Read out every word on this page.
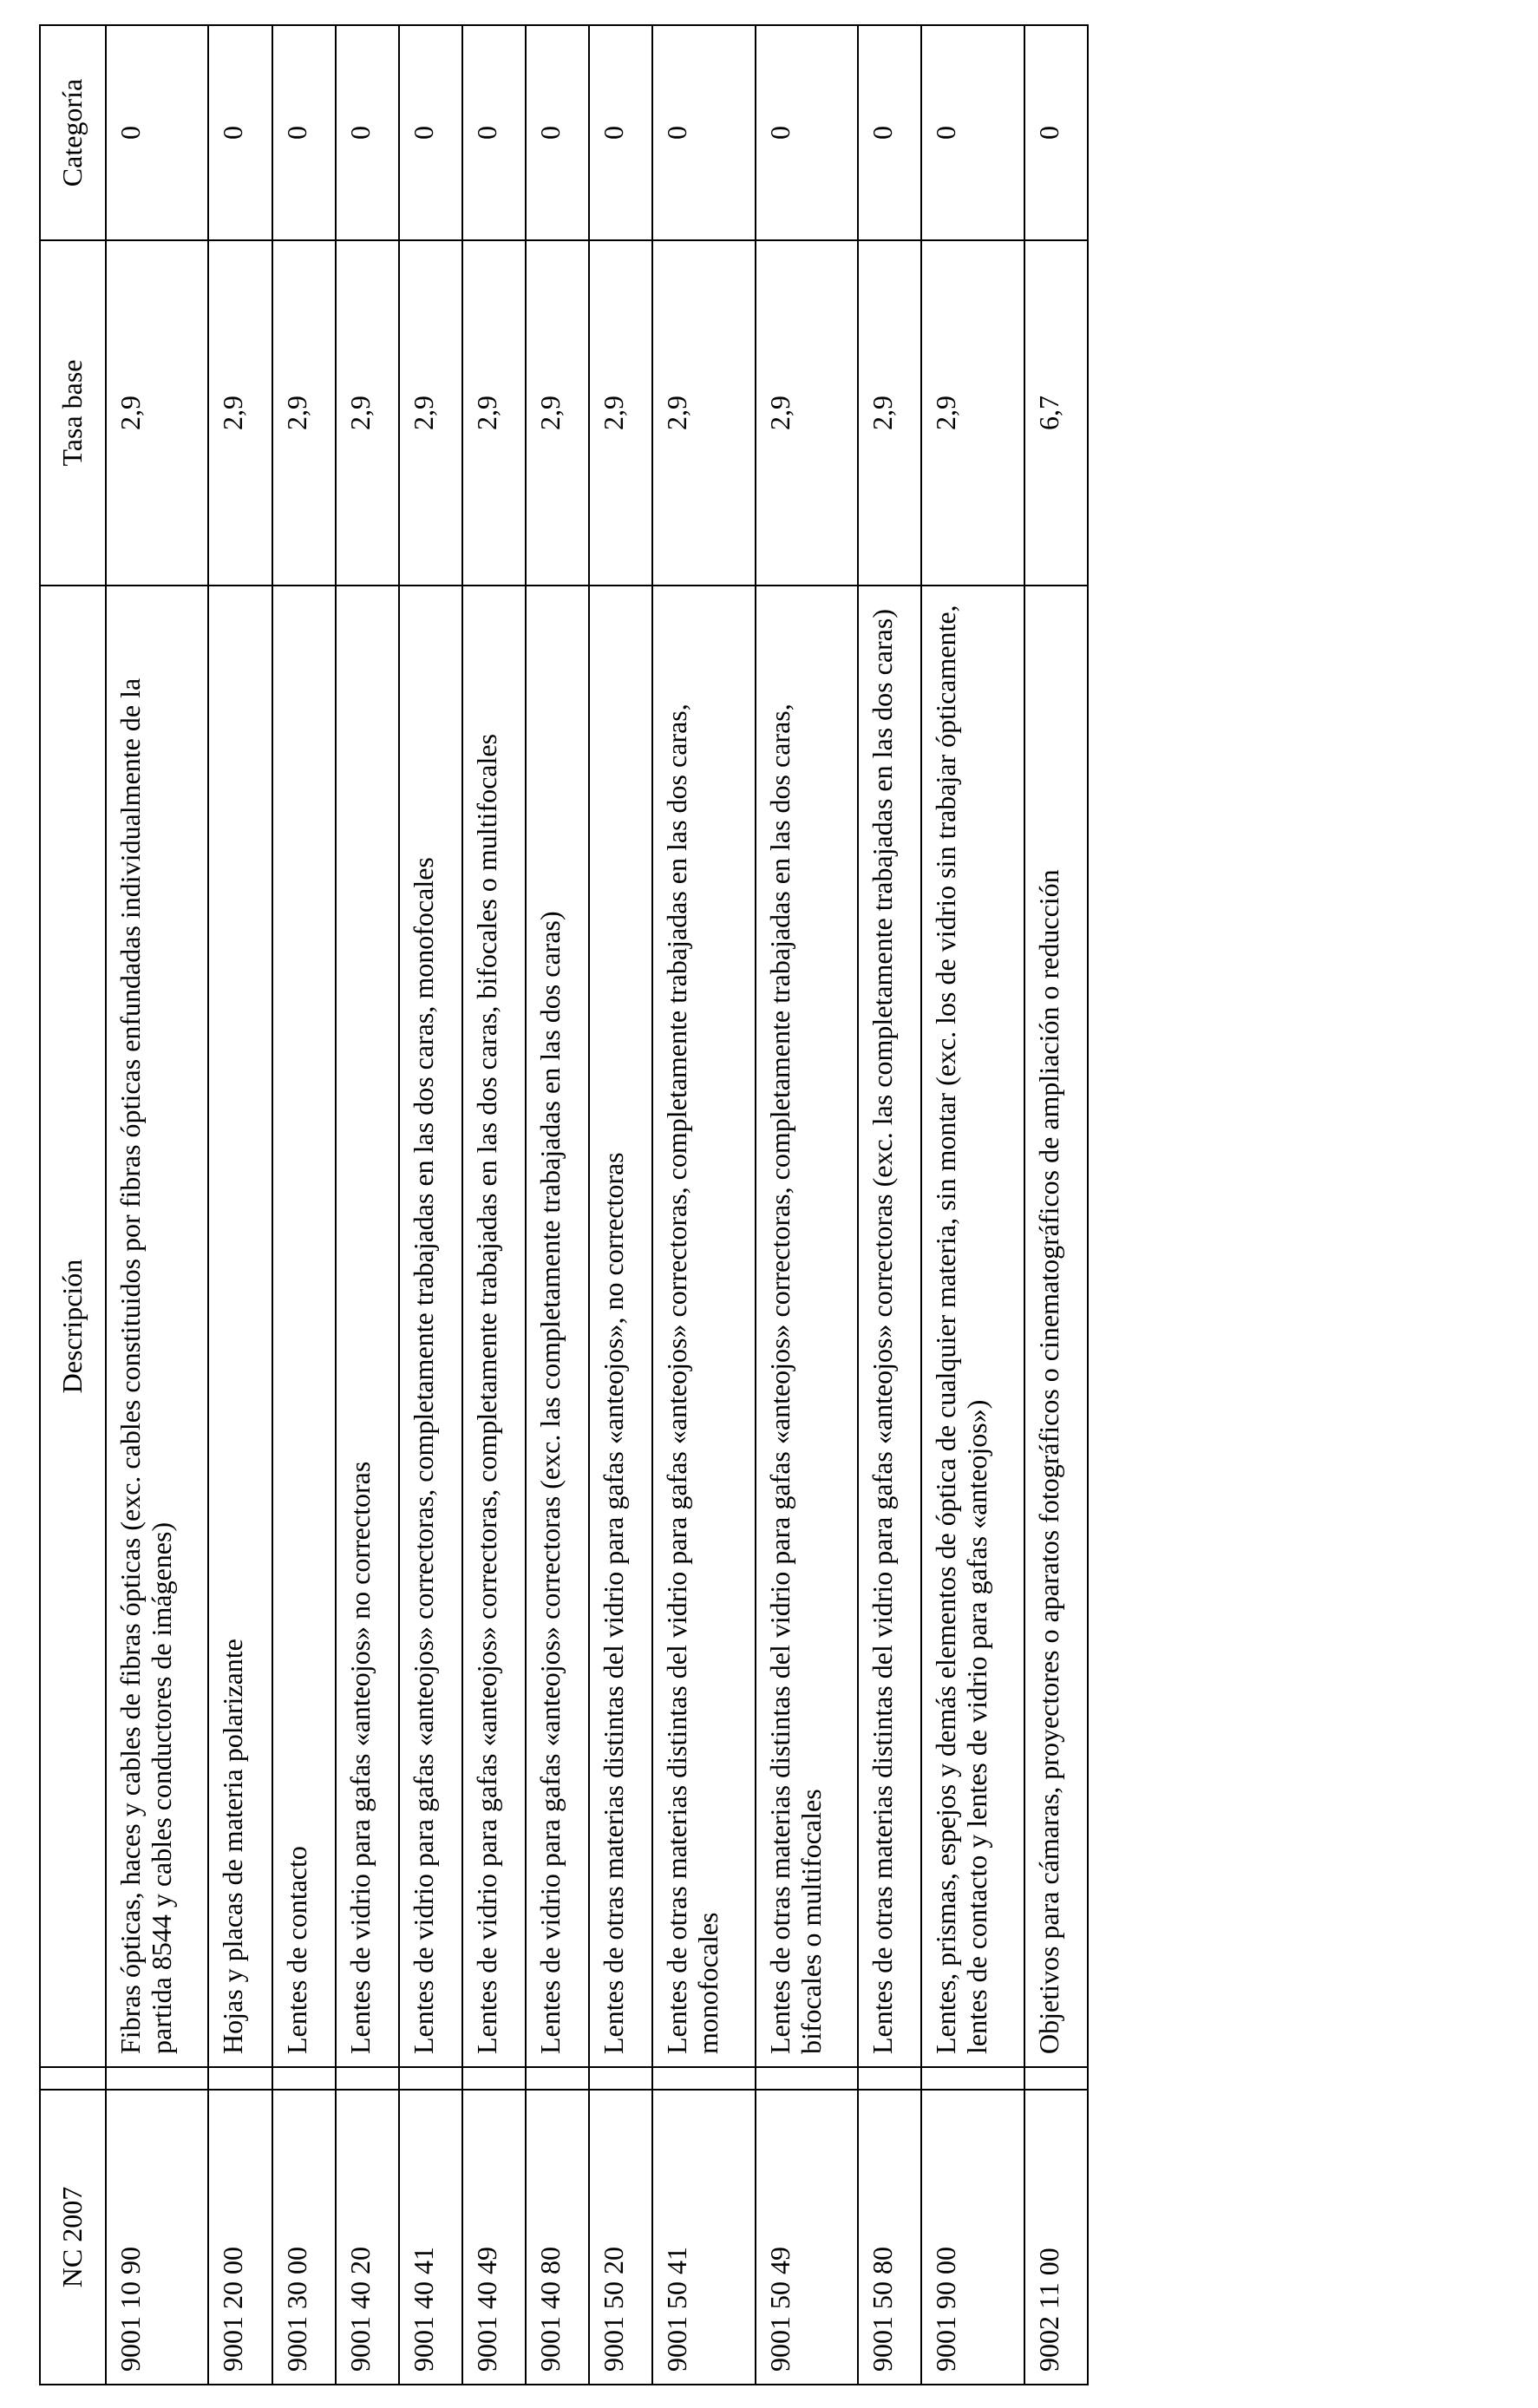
NC 2007		Descripción	Tasa base	Categoría
9001 10 90		Fibras ópticas, haces y cables de fibras ópticas (exc. cables constituidos por fibras ópticas enfundadas individualmente de la partida 8544 y cables conductores de imágenes)	2,9	0
9001 20 00		Hojas y placas de materia polarizante	2,9	0
9001 30 00		Lentes de contacto	2,9	0
9001 40 20		Lentes de vidrio para gafas «anteojos» no correctoras	2,9	0
9001 40 41		Lentes de vidrio para gafas «anteojos» correctoras, completamente trabajadas en las dos caras, monofocales	2,9	0
9001 40 49		Lentes de vidrio para gafas «anteojos» correctoras, completamente trabajadas en las dos caras, bifocales o multifocales	2,9	0
9001 40 80		Lentes de vidrio para gafas «anteojos» correctoras (exc. las completamente trabajadas en las dos caras)	2,9	0
9001 50 20		Lentes de otras materias distintas del vidrio para gafas «anteojos», no correctoras	2,9	0
9001 50 41		Lentes de otras materias distintas del vidrio para gafas «anteojos» correctoras, completamente trabajadas en las dos caras, monofocales	2,9	0
9001 50 49		Lentes de otras materias distintas del vidrio para gafas «anteojos» correctoras, completamente trabajadas en las dos caras, bifocales o multifocales	2,9	0
9001 50 80		Lentes de otras materias distintas del vidrio para gafas «anteojos» correctoras (exc. las completamente trabajadas en las dos caras)	2,9	0
9001 90 00		Lentes, prismas, espejos y demás elementos de óptica de cualquier materia, sin montar (exc. los de vidrio sin trabajar ópticamente, lentes de contacto y lentes de vidrio para gafas «anteojos»)	2,9	0
9002 11 00		Objetivos para cámaras, proyectores o aparatos fotográficos o cinematográficos de ampliación o reducción	6,7	0
